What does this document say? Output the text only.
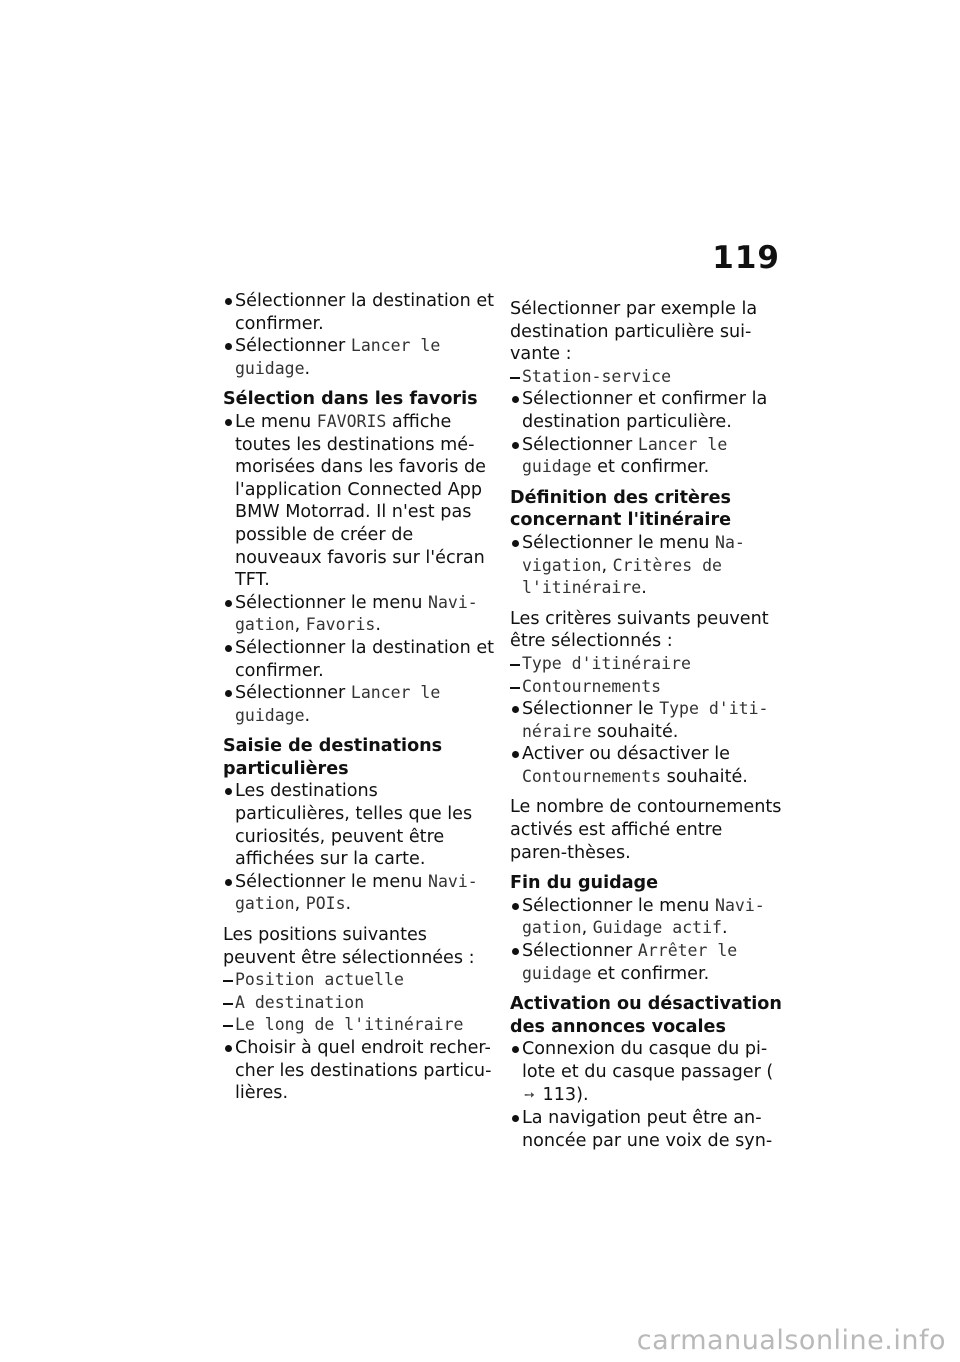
119
Sélectionner la destination et confirmer.
Sélectionner Lancer le guidage.
Sélection dans les favoris
Le menu FAVORIS affiche toutes les destinations mé-morisées dans les favoris de l'application Connected App BMW Motorrad. Il n'est pas possible de créer de nouveaux favoris sur l'écran TFT.
Sélectionner le menu Navi-gation, Favoris.
Sélectionner la destination et confirmer.
Sélectionner Lancer le guidage.
Saisie de destinations particulières
Les destinations particulières, telles que les curiosités, peuvent être affichées sur la carte.
Sélectionner le menu Navi-gation, POIs.
Les positions suivantes peuvent être sélectionnées :
Position actuelle
A destination
Le long de l'itinéraire
Choisir à quel endroit recher-cher les destinations particu-lières.
Sélectionner par exemple la destination particulière sui-vante :
Station-service
Sélectionner et confirmer la destination particulière.
Sélectionner Lancer le guidage et confirmer.
Définition des critères concernant l'itinéraire
Sélectionner le menu Na-vigation, Critères de l'itinéraire.
Les critères suivants peuvent être sélectionnés :
Type d'itinéraire
Contournements
Sélectionner le Type d'iti-néraire souhaité.
Activer ou désactiver le Contournements souhaité.
Le nombre de contournements activés est affiché entre paren-thèses.
Fin du guidage
Sélectionner le menu Navi-gation, Guidage actif.
Sélectionner Arrêter le guidage et confirmer.
Activation ou désactivation des annonces vocales
Connexion du casque du pi-lote et du casque passager (➙ 113).
La navigation peut être an-noncée par une voix de syn-
carmanualsonline.info
